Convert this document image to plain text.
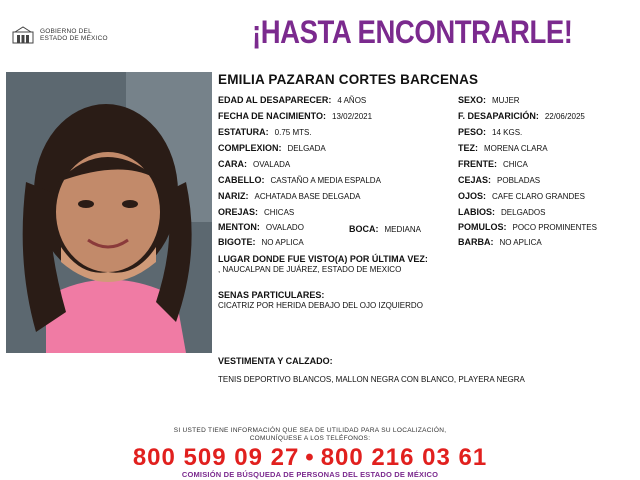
GOBIERNO DEL
ESTADO DE MÉXICO	¡HASTA ENCONTRARLE!
EMILIA PAZARAN CORTES BARCENAS
EDAD AL DESAPARECER: 4 AÑOS
FECHA DE NACIMIENTO: 13/02/2021
ESTATURA: 0.75 MTS.
COMPLEXION: DELGADA
CARA: OVALADA
CABELLO: CASTAÑO A MEDIA ESPALDA
NARIZ: ACHATADA BASE DELGADA
OREJAS: CHICAS
MENTON: OVALADO	BOCA: MEDIANA
BIGOTE: NO APLICA
SEXO: MUJER
F. DESAPARICIÓN: 22/06/2025
PESO: 14 KGS.
TEZ: MORENA CLARA
FRENTE: CHICA
CEJAS: POBLADAS
OJOS: CAFE CLARO GRANDES
LABIOS: DELGADOS
POMULOS: POCO PROMINENTES
BARBA: NO APLICA
LUGAR DONDE FUE VISTO(A) POR ÚLTIMA VEZ:
, NAUCALPAN DE JUÁREZ, ESTADO DE MEXICO
SENAS PARTICULARES:
CICATRIZ POR HERIDA DEBAJO DEL OJO IZQUIERDO
VESTIMENTA Y CALZADO:
TENIS DEPORTIVO BLANCOS, MALLON NEGRA CON BLANCO, PLAYERA NEGRA
SI USTED TIENE INFORMACIÓN QUE SEA DE UTILIDAD PARA SU LOCALIZACIÓN,
COMUNÍQUESE A LOS TELÉFONOS:
800 509 09 27 • 800 216 03 61
COMISIÓN DE BÚSQUEDA DE PERSONAS DEL ESTADO DE MÉXICO
